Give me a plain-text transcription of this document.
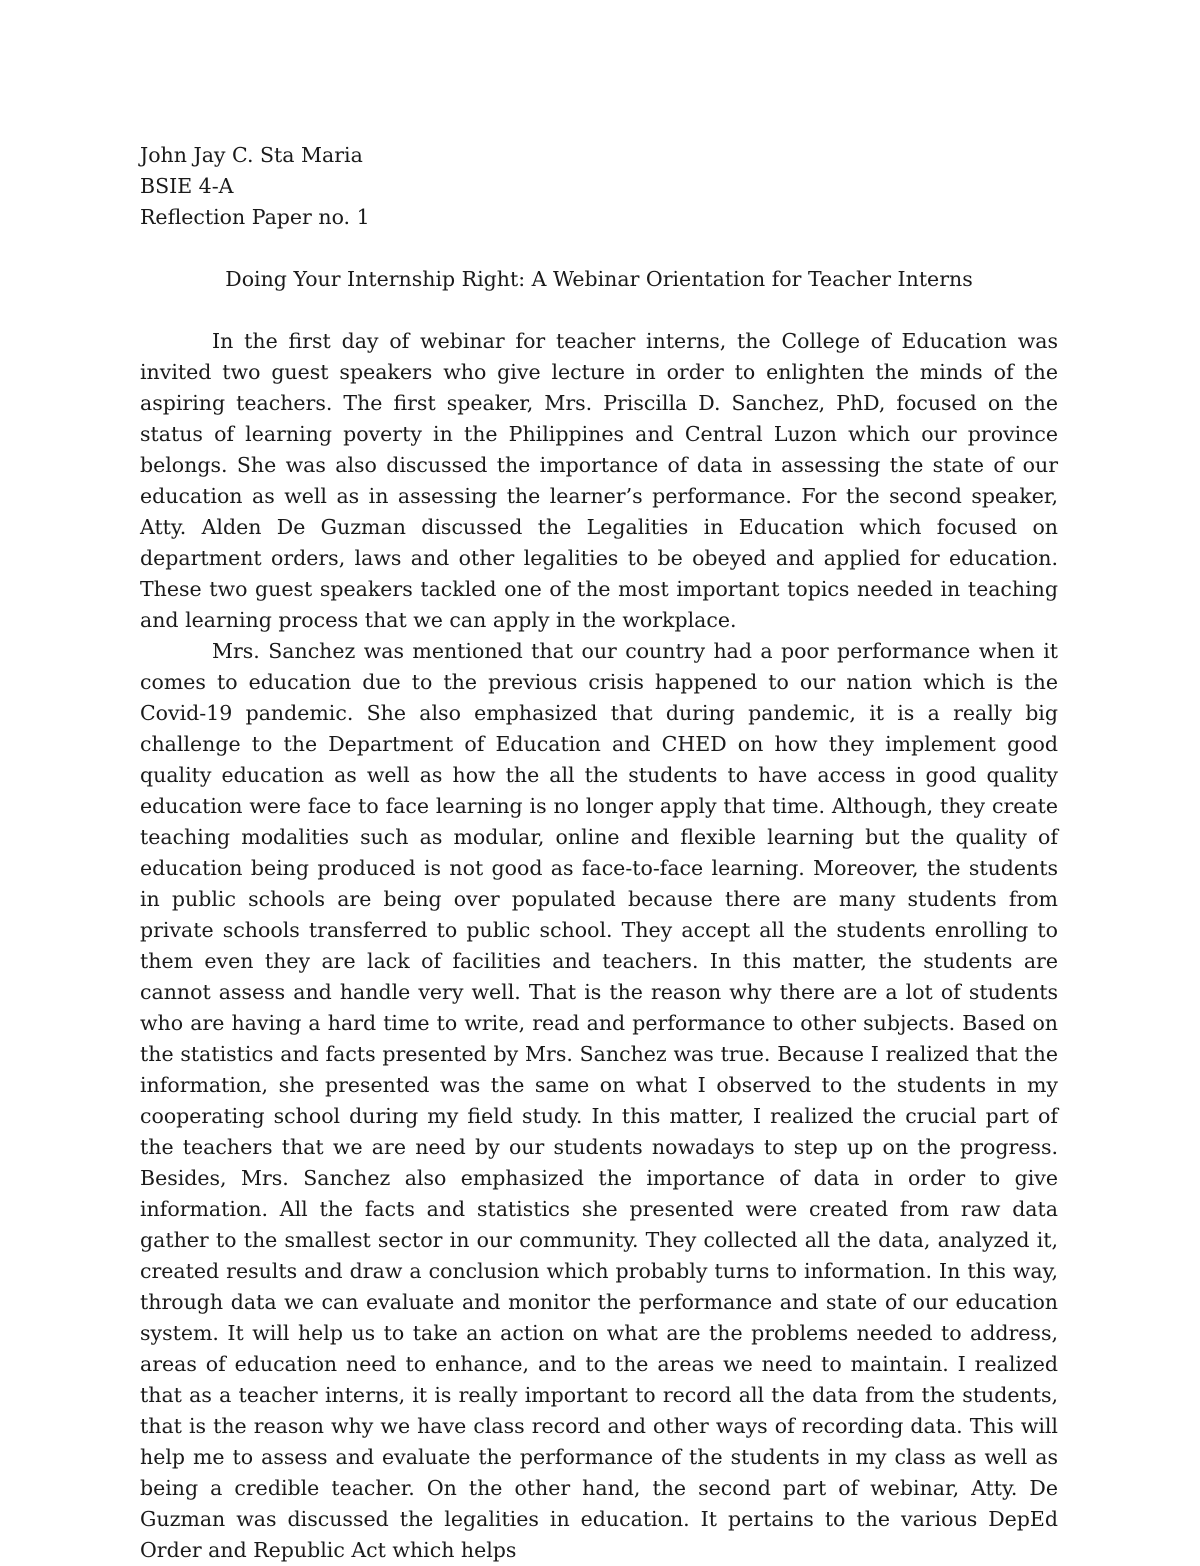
John Jay C. Sta Maria

BSIE 4-A

Reflection Paper no. 1

Doing Your Internship Right: A Webinar Orientation for Teacher Interns

In the first day of webinar for teacher interns, the College of Education was invited two guest speakers who give lecture in order to enlighten the minds of the aspiring teachers. The first speaker, Mrs. Priscilla D. Sanchez, PhD, focused on the status of learning poverty in the Philippines and Central Luzon which our province belongs. She was also discussed the importance of data in assessing the state of our education as well as in assessing the learner’s performance. For the second speaker, Atty. Alden De Guzman discussed the Legalities in Education which focused on department orders, laws and other legalities to be obeyed and applied for education. These two guest speakers tackled one of the most important topics needed in teaching and learning process that we can apply in the workplace.

Mrs. Sanchez was mentioned that our country had a poor performance when it comes to education due to the previous crisis happened to our nation which is the Covid-19 pandemic. She also emphasized that during pandemic, it is a really big challenge to the Department of Education and CHED on how they implement good quality education as well as how the all the students to have access in good quality education were face to face learning is no longer apply that time. Although, they create teaching modalities such as modular, online and flexible learning but the quality of education being produced is not good as face-to-face learning. Moreover, the students in public schools are being over populated because there are many students from private schools transferred to public school. They accept all the students enrolling to them even they are lack of facilities and teachers. In this matter, the students are cannot assess and handle very well. That is the reason why there are a lot of students who are having a hard time to write, read and performance to other subjects. Based on the statistics and facts presented by Mrs. Sanchez was true. Because I realized that the information, she presented was the same on what I observed to the students in my cooperating school during my field study. In this matter, I realized the crucial part of the teachers that we are need by our students nowadays to step up on the progress. Besides, Mrs. Sanchez also emphasized the importance of data in order to give information. All the facts and statistics she presented were created from raw data gather to the smallest sector in our community. They collected all the data, analyzed it, created results and draw a conclusion which probably turns to information. In this way, through data we can evaluate and monitor the performance and state of our education system. It will help us to take an action on what are the problems needed to address, areas of education need to enhance, and to the areas we need to maintain. I realized that as a teacher interns, it is really important to record all the data from the students, that is the reason why we have class record and other ways of recording data. This will help me to assess and evaluate the performance of the students in my class as well as being a credible teacher. On the other hand, the second part of webinar, Atty. De Guzman was discussed the legalities in education. It pertains to the various DepEd Order and Republic Act which helps
